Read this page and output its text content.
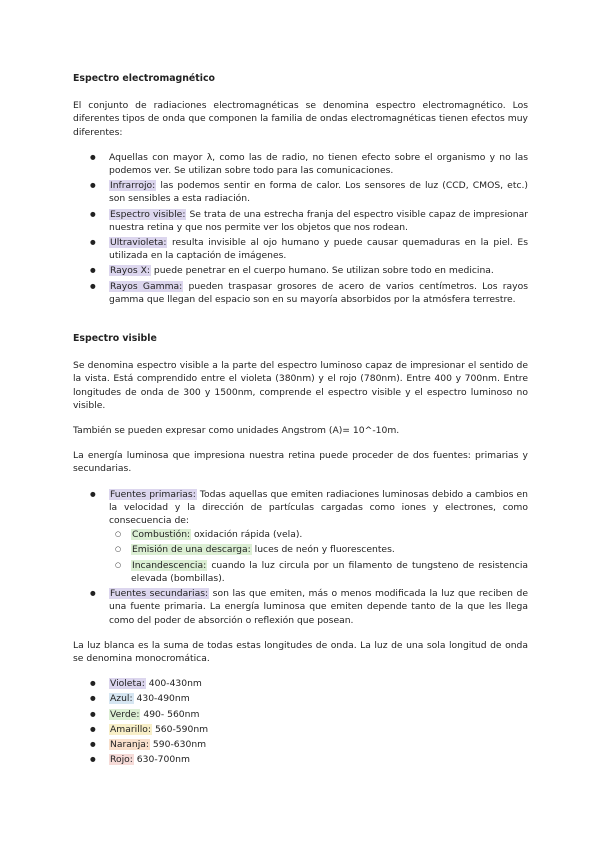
Espectro electromagnético

El conjunto de radiaciones electromagnéticas se denomina espectro electromagnético. Los diferentes tipos de onda que componen la familia de ondas electromagnéticas tienen efectos muy diferentes:

● Aquellas con mayor λ, como las de radio, no tienen efecto sobre el organismo y no las podemos ver. Se utilizan sobre todo para las comunicaciones.
● Infrarrojo: las podemos sentir en forma de calor. Los sensores de luz (CCD, CMOS, etc.) son sensibles a esta radiación.
● Espectro visible: Se trata de una estrecha franja del espectro visible capaz de impresionar nuestra retina y que nos permite ver los objetos que nos rodean.
● Ultravioleta: resulta invisible al ojo humano y puede causar quemaduras en la piel. Es utilizada en la captación de imágenes.
● Rayos X: puede penetrar en el cuerpo humano. Se utilizan sobre todo en medicina.
● Rayos Gamma: pueden traspasar grosores de acero de varios centímetros. Los rayos gamma que llegan del espacio son en su mayoría absorbidos por la atmósfera terrestre.
Espectro visible

Se denomina espectro visible a la parte del espectro luminoso capaz de impresionar el sentido de la vista. Está comprendido entre el violeta (380nm) y el rojo (780nm). Entre 400 y 700nm. Entre longitudes de onda de 300 y 1500nm, comprende el espectro visible y el espectro luminoso no visible.

También se pueden expresar como unidades Angstrom (A)= 10^-10m.

La energía luminosa que impresiona nuestra retina puede proceder de dos fuentes: primarias y secundarias.

● Fuentes primarias: Todas aquellas que emiten radiaciones luminosas debido a cambios en la velocidad y la dirección de partículas cargadas como iones y electrones, como consecuencia de:
○ Combustión: oxidación rápida (vela).
○ Emisión de una descarga: luces de neón y fluorescentes.
○ Incandescencia: cuando la luz circula por un filamento de tungsteno de resistencia elevada (bombillas).
● Fuentes secundarias: son las que emiten, más o menos modificada la luz que reciben de una fuente primaria. La energía luminosa que emiten depende tanto de la que les llega como del poder de absorción o reflexión que posean.

La luz blanca es la suma de todas estas longitudes de onda. La luz de una sola longitud de onda se denomina monocromática.

● Violeta: 400-430nm
● Azul: 430-490nm
● Verde: 490- 560nm
● Amarillo: 560-590nm
● Naranja: 590-630nm
● Rojo: 630-700nm
